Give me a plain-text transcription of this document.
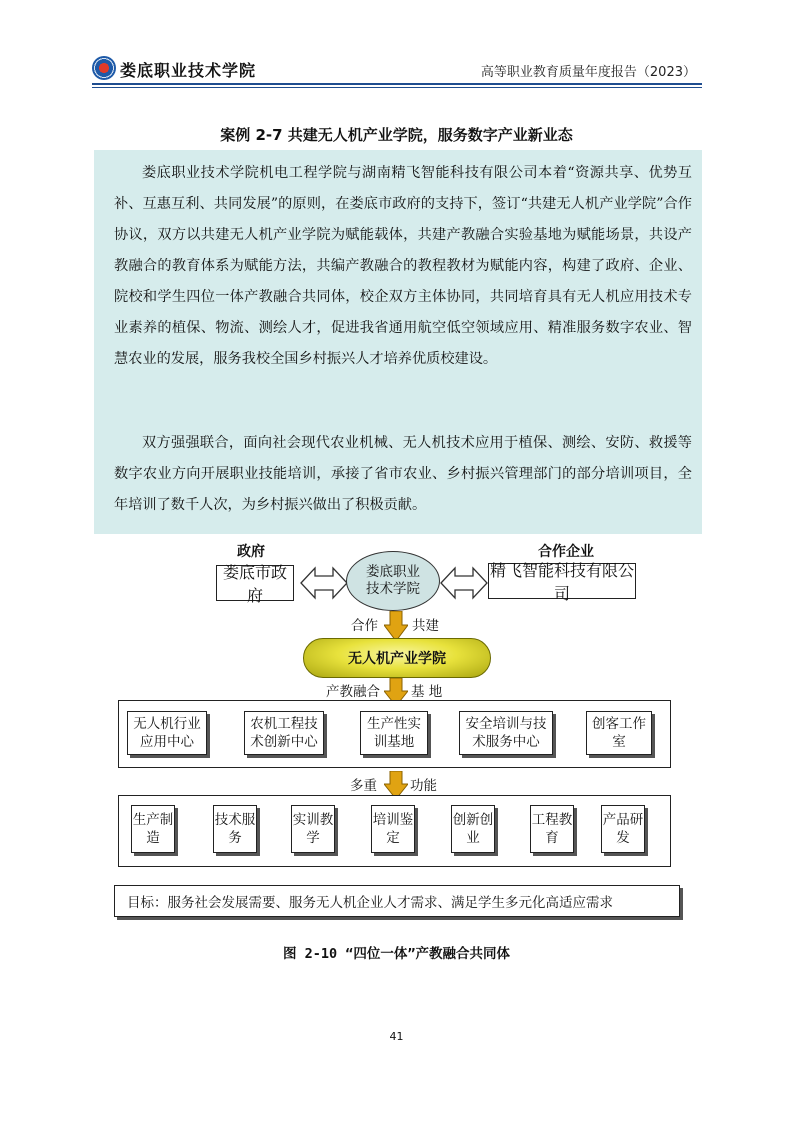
娄底职业技术学院	高等职业教育质量年度报告（2023）
案例 2-7 共建无人机产业学院，服务数字产业新业态

娄底职业技术学院机电工程学院与湖南精飞智能科技有限公司本着“资源共享、优势互补、互惠互利、共同发展”的原则，在娄底市政府的支持下，签订“共建无人机产业学院”合作协议，双方以共建无人机产业学院为赋能载体，共建产教融合实验基地为赋能场景，共设产教融合的教育体系为赋能方法，共编产教融合的教程教材为赋能内容，构建了政府、企业、院校和学生四位一体产教融合共同体，校企双方主体协同，共同培育具有无人机应用技术专业素养的植保、物流、测绘人才，促进我省通用航空低空领域应用、精准服务数字农业、智慧农业的发展，服务我校全国乡村振兴人才培养优质校建设。

双方强强联合，面向社会现代农业机械、无人机技术应用于植保、测绘、安防、救援等数字农业方向开展职业技能培训，承接了省市农业、乡村振兴管理部门的部分培训项目，全年培训了数千人次，为乡村振兴做出了积极贡献。

政府	合作企业
娄底市政府
娄底职业技术学院
精飞智能科技有限公司
合作	共建
无人机产业学院
产教融合 基 地
无人机行业应用中心
农机工程技术创新中心
生产性实训基地
安全培训与技术服务中心
创客工作室
多重 功能
生产制造
技术服务
实训教学
培训鉴定
创新创业
工程教育
产品研发
目标：服务社会发展需要、服务无人机企业人才需求、满足学生多元化高适应需求
图 2-10 “四位一体”产教融合共同体
41
